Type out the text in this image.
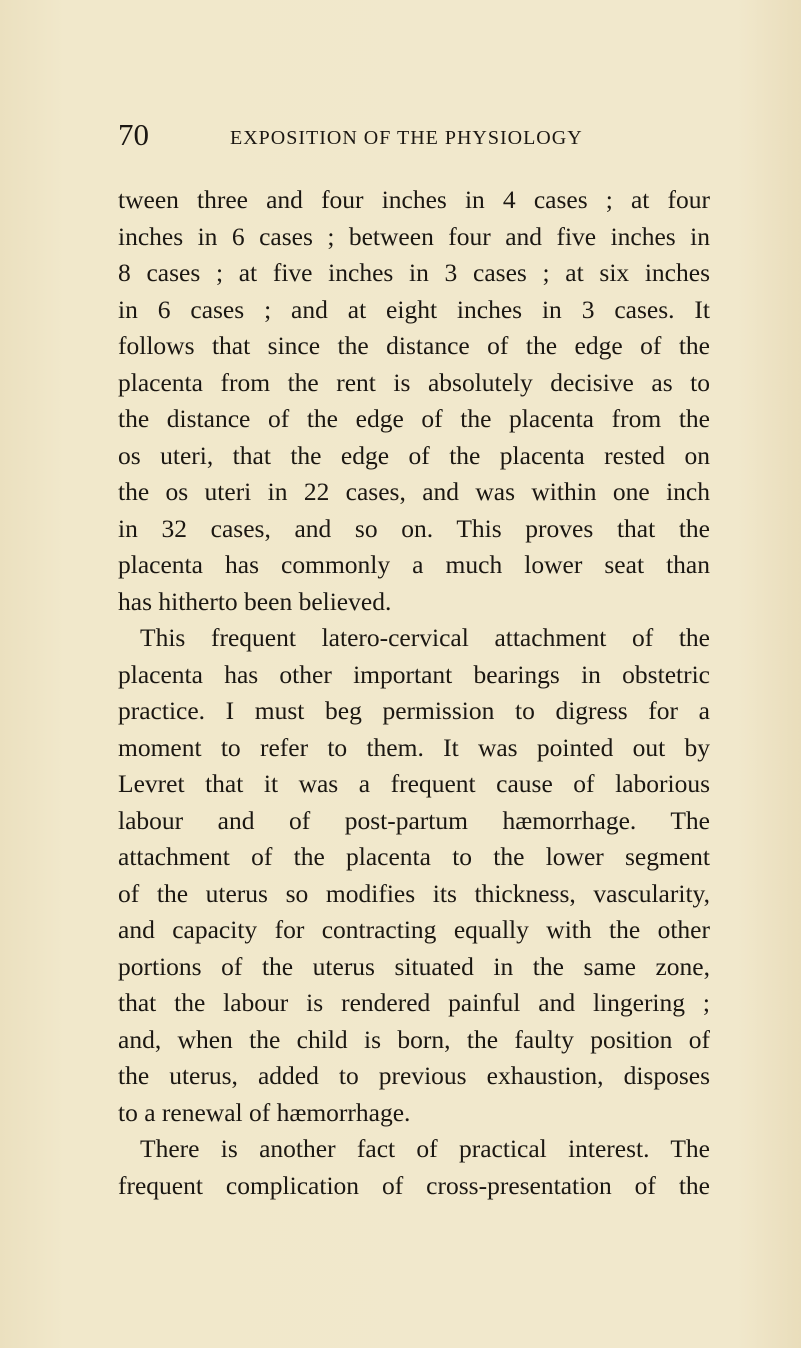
70	EXPOSITION OF THE PHYSIOLOGY
tween three and four inches in 4 cases ; at four
inches in 6 cases ; between four and five inches in
8 cases ; at five inches in 3 cases ; at six inches
in 6 cases ; and at eight inches in 3 cases. It
follows that since the distance of the edge of the
placenta from the rent is absolutely decisive as to
the distance of the edge of the placenta from the
os uteri, that the edge of the placenta rested on
the os uteri in 22 cases, and was within one inch
in 32 cases, and so on. This proves that the
placenta has commonly a much lower seat than
has hitherto been believed.
This frequent latero-cervical attachment of the
placenta has other important bearings in obstetric
practice. I must beg permission to digress for a
moment to refer to them. It was pointed out by
Levret that it was a frequent cause of laborious
labour and of post-partum hæmorrhage. The
attachment of the placenta to the lower segment
of the uterus so modifies its thickness, vascularity,
and capacity for contracting equally with the other
portions of the uterus situated in the same zone,
that the labour is rendered painful and lingering ;
and, when the child is born, the faulty position of
the uterus, added to previous exhaustion, disposes
to a renewal of hæmorrhage.
There is another fact of practical interest. The
frequent complication of cross-presentation of the
